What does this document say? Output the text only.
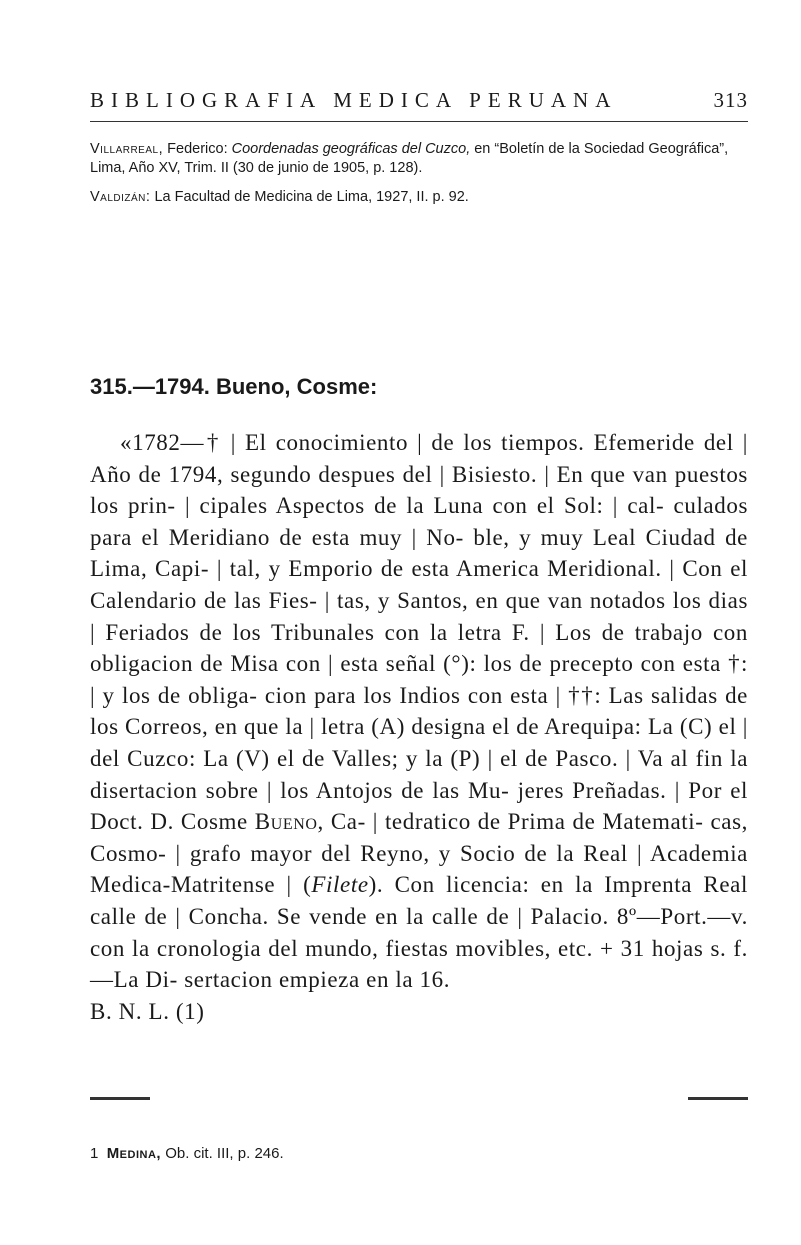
BIBLIOGRAFIA MEDICA PERUANA	313

Villarreal, Federico: Coordenadas geográficas del Cuzco, en “Boletín de la Sociedad Geográfica”, Lima, Año XV, Trim. II (30 de junio de 1905, p. 128).

Valdizán: La Facultad de Medicina de Lima, 1927, II. p. 92.

315.—1794. Bueno, Cosme:
«1782—† | El conocimiento | de los tiempos. Efemeride del | Año de 1794, segundo despues del | Bisiesto. | En que van puestos los prin- | cipales Aspectos de la Luna con el Sol: | cal- culados para el Meridiano de esta muy | No- ble, y muy Leal Ciudad de Lima, Capi- | tal, y Emporio de esta America Meridional. | Con el Calendario de las Fies- | tas, y Santos, en que van notados los dias | Feriados de los Tribunales con la letra F. | Los de trabajo con obligacion de Misa con | esta señal (°): los de precepto con esta †: | y los de obliga- cion para los Indios con esta | ††: Las salidas de los Correos, en que la | letra (A) designa el de Arequipa: La (C) el | del Cuzco: La (V) el de Valles; y la (P) | el de Pasco. | Va al fin la disertacion sobre | los Antojos de las Mu- jeres Preñadas. | Por el Doct. D. Cosme Bueno, Ca- | tedratico de Prima de Matemati- cas, Cosmo- | grafo mayor del Reyno, y Socio de la Real | Academia Medica-Matritense | (Filete). Con licencia: en la Imprenta Real calle de | Concha. Se vende en la calle de | Palacio. 8º—Port.—v. con la cronologia del mundo, fiestas movibles, etc. + 31 hojas s. f.—La Di- sertacion empieza en la 16.
B. N. L. (1)
1 Medina, Ob. cit. III, p. 246.
